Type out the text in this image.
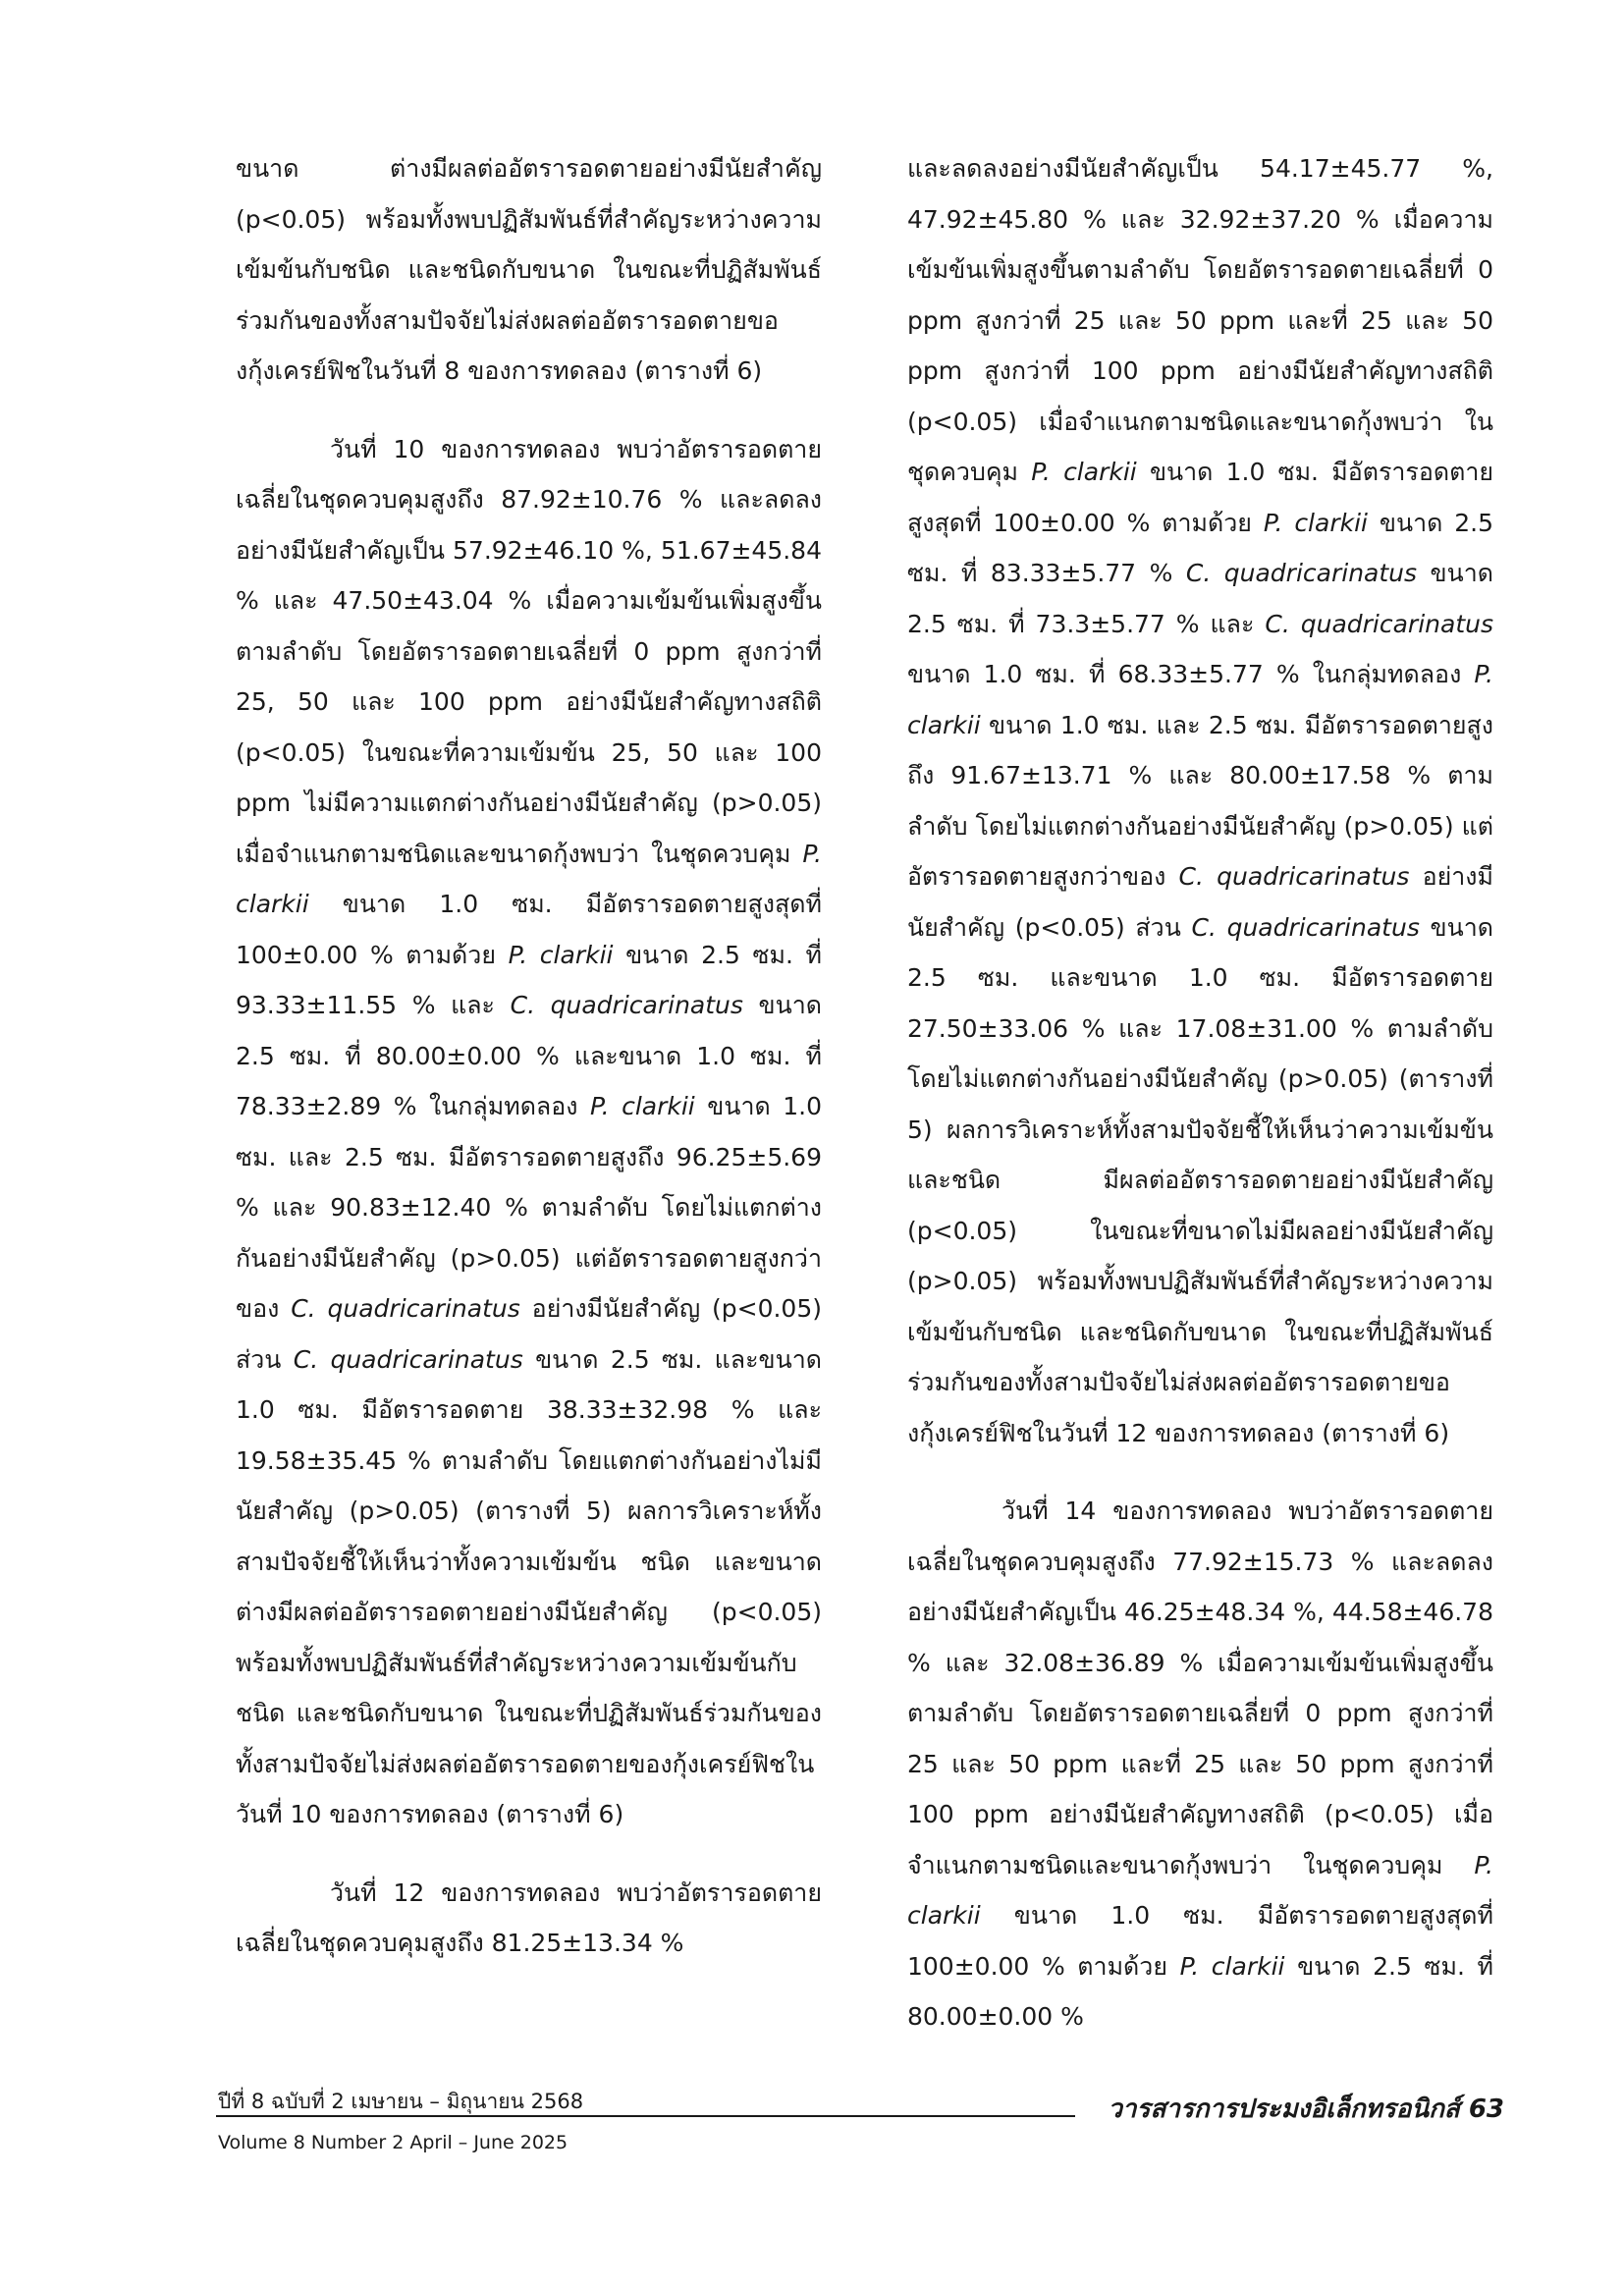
ขนาด ต่างมีผลต่ออัตรารอดตายอย่างมีนัยสำคัญ (p<0.05) พร้อมทั้งพบปฏิสัมพันธ์ที่สำคัญระหว่างความเข้มข้นกับชนิด และชนิดกับขนาด ในขณะที่ปฏิสัมพันธ์ร่วมกันของทั้งสามปัจจัยไม่ส่งผลต่ออัตรารอดตายของกุ้งเครย์ฟิชในวันที่ 8 ของการทดลอง (ตารางที่ 6)

วันที่ 10 ของการทดลอง พบว่าอัตรารอดตายเฉลี่ยในชุดควบคุมสูงถึง 87.92±10.76 % และลดลงอย่างมีนัยสำคัญเป็น 57.92±46.10 %, 51.67±45.84 % และ 47.50±43.04 % เมื่อความเข้มข้นเพิ่มสูงขึ้นตามลำดับ โดยอัตรารอดตายเฉลี่ยที่ 0 ppm สูงกว่าที่ 25, 50 และ 100 ppm อย่างมีนัยสำคัญทางสถิติ (p<0.05) ในขณะที่ความเข้มข้น 25, 50 และ 100 ppm ไม่มีความแตกต่างกันอย่างมีนัยสำคัญ (p>0.05) เมื่อจำแนกตามชนิดและขนาดกุ้งพบว่า ในชุดควบคุม P. clarkii ขนาด 1.0 ซม. มีอัตรารอดตายสูงสุดที่ 100±0.00 % ตามด้วย P. clarkii ขนาด 2.5 ซม. ที่ 93.33±11.55 % และ C. quadricarinatus ขนาด 2.5 ซม. ที่ 80.00±0.00 % และขนาด 1.0 ซม. ที่ 78.33±2.89 % ในกลุ่มทดลอง P. clarkii ขนาด 1.0 ซม. และ 2.5 ซม. มีอัตรารอดตายสูงถึง 96.25±5.69 % และ 90.83±12.40 % ตามลำดับ โดยไม่แตกต่างกันอย่างมีนัยสำคัญ (p>0.05) แต่อัตรารอดตายสูงกว่าของ C. quadricarinatus อย่างมีนัยสำคัญ (p<0.05) ส่วน C. quadricarinatus ขนาด 2.5 ซม. และขนาด 1.0 ซม. มีอัตรารอดตาย 38.33±32.98 % และ 19.58±35.45 % ตามลำดับ โดยแตกต่างกันอย่างไม่มีนัยสำคัญ (p>0.05) (ตารางที่ 5) ผลการวิเคราะห์ทั้งสามปัจจัยชี้ให้เห็นว่าทั้งความเข้มข้น ชนิด และขนาด ต่างมีผลต่ออัตรารอดตายอย่างมีนัยสำคัญ (p<0.05) พร้อมทั้งพบปฏิสัมพันธ์ที่สำคัญระหว่างความเข้มข้นกับชนิด และชนิดกับขนาด ในขณะที่ปฏิสัมพันธ์ร่วมกันของทั้งสามปัจจัยไม่ส่งผลต่ออัตรารอดตายของกุ้งเครย์ฟิชในวันที่ 10 ของการทดลอง (ตารางที่ 6)

วันที่ 12 ของการทดลอง พบว่าอัตรารอดตายเฉลี่ยในชุดควบคุมสูงถึง 81.25±13.34 %

และลดลงอย่างมีนัยสำคัญเป็น 54.17±45.77 %, 47.92±45.80 % และ 32.92±37.20 % เมื่อความเข้มข้นเพิ่มสูงขึ้นตามลำดับ โดยอัตรารอดตายเฉลี่ยที่ 0 ppm สูงกว่าที่ 25 และ 50 ppm และที่ 25 และ 50 ppm สูงกว่าที่ 100 ppm อย่างมีนัยสำคัญทางสถิติ (p<0.05) เมื่อจำแนกตามชนิดและขนาดกุ้งพบว่า ในชุดควบคุม P. clarkii ขนาด 1.0 ซม. มีอัตรารอดตายสูงสุดที่ 100±0.00 % ตามด้วย P. clarkii ขนาด 2.5 ซม. ที่ 83.33±5.77 % C. quadricarinatus ขนาด 2.5 ซม. ที่ 73.3±5.77 % และ C. quadricarinatus ขนาด 1.0 ซม. ที่ 68.33±5.77 % ในกลุ่มทดลอง P. clarkii ขนาด 1.0 ซม. และ 2.5 ซม. มีอัตรารอดตายสูงถึง 91.67±13.71 % และ 80.00±17.58 % ตามลำดับ โดยไม่แตกต่างกันอย่างมีนัยสำคัญ (p>0.05) แต่อัตรารอดตายสูงกว่าของ C. quadricarinatus อย่างมีนัยสำคัญ (p<0.05) ส่วน C. quadricarinatus ขนาด 2.5 ซม. และขนาด 1.0 ซม. มีอัตรารอดตาย 27.50±33.06 % และ 17.08±31.00 % ตามลำดับ โดยไม่แตกต่างกันอย่างมีนัยสำคัญ (p>0.05) (ตารางที่ 5) ผลการวิเคราะห์ทั้งสามปัจจัยชี้ให้เห็นว่าความเข้มข้น และชนิด มีผลต่ออัตรารอดตายอย่างมีนัยสำคัญ (p<0.05) ในขณะที่ขนาดไม่มีผลอย่างมีนัยสำคัญ (p>0.05) พร้อมทั้งพบปฏิสัมพันธ์ที่สำคัญระหว่างความเข้มข้นกับชนิด และชนิดกับขนาด ในขณะที่ปฏิสัมพันธ์ร่วมกันของทั้งสามปัจจัยไม่ส่งผลต่ออัตรารอดตายของกุ้งเครย์ฟิชในวันที่ 12 ของการทดลอง (ตารางที่ 6)

วันที่ 14 ของการทดลอง พบว่าอัตรารอดตายเฉลี่ยในชุดควบคุมสูงถึง 77.92±15.73 % และลดลงอย่างมีนัยสำคัญเป็น 46.25±48.34 %, 44.58±46.78 % และ 32.08±36.89 % เมื่อความเข้มข้นเพิ่มสูงขึ้นตามลำดับ โดยอัตรารอดตายเฉลี่ยที่ 0 ppm สูงกว่าที่ 25 และ 50 ppm และที่ 25 และ 50 ppm สูงกว่าที่ 100 ppm อย่างมีนัยสำคัญทางสถิติ (p<0.05) เมื่อจำแนกตามชนิดและขนาดกุ้งพบว่า ในชุดควบคุม P. clarkii ขนาด 1.0 ซม. มีอัตรารอดตายสูงสุดที่ 100±0.00 % ตามด้วย P. clarkii ขนาด 2.5 ซม. ที่ 80.00±0.00 %

ปีที่ 8 ฉบับที่ 2 เมษายน – มิถุนายน 2568
Volume 8 Number 2 April – June 2025
วารสารการประมงอิเล็กทรอนิกส์ 63
